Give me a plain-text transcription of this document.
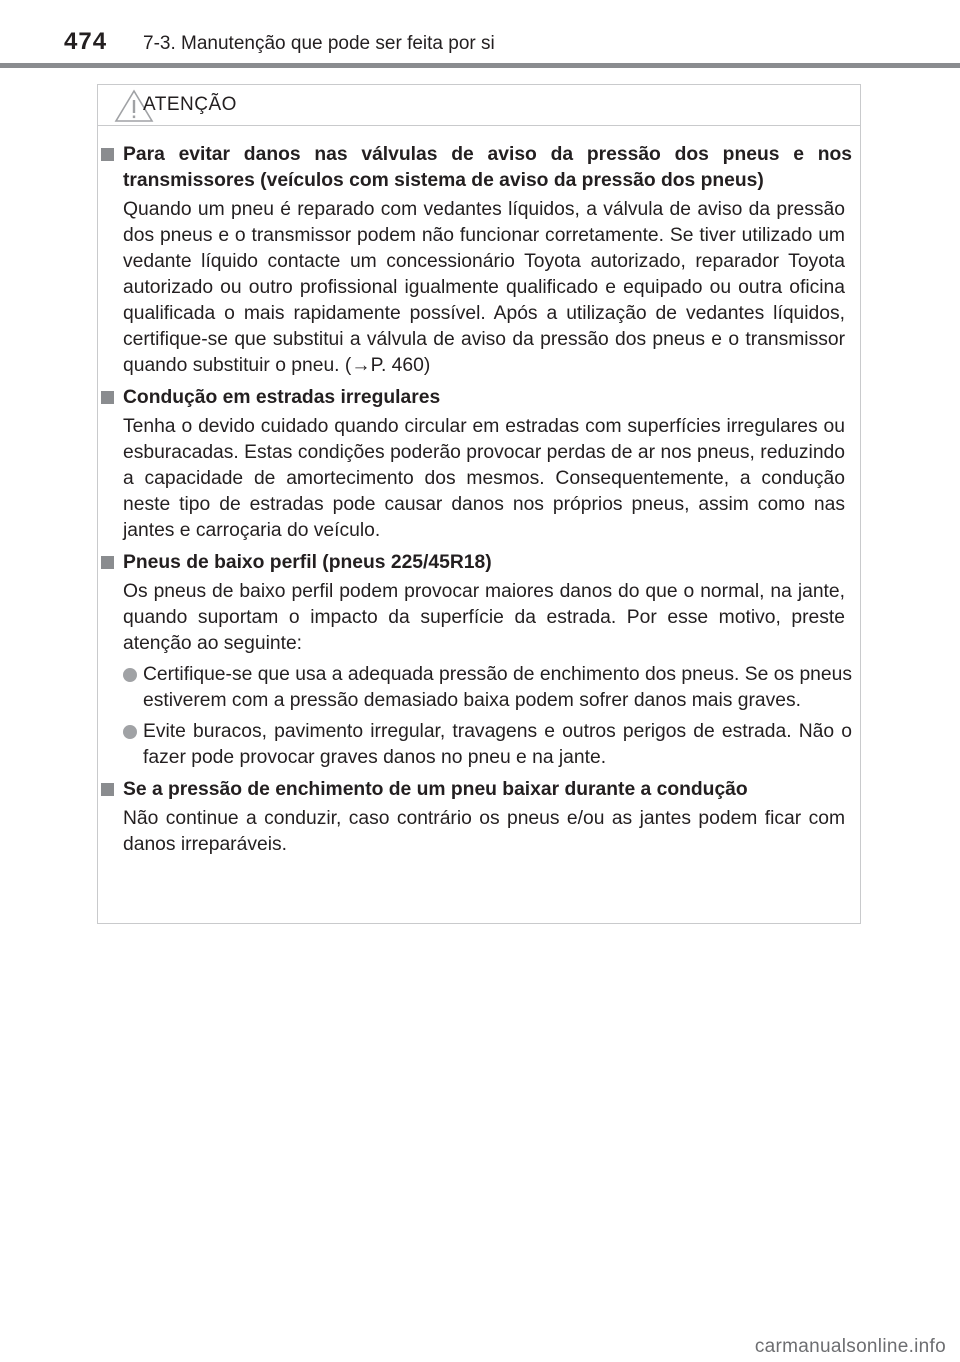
474 7-3. Manutenção que pode ser feita por si
ATENÇÃO
Para evitar danos nas válvulas de aviso da pressão dos pneus e nos transmissores (veículos com sistema de aviso da pressão dos pneus)
Quando um pneu é reparado com vedantes líquidos, a válvula de aviso da pressão dos pneus e o transmissor podem não funcionar corretamente. Se tiver utilizado um vedante líquido contacte um concessionário Toyota autorizado, reparador Toyota autorizado ou outro profissional igualmente qualificado e equipado ou outra oficina qualificada o mais rapidamente possível. Após a utilização de vedantes líquidos, certifique-se que substitui a válvula de aviso da pressão dos pneus e o transmissor quando substituir o pneu. (→P. 460)
Condução em estradas irregulares
Tenha o devido cuidado quando circular em estradas com superfícies irregulares ou esburacadas. Estas condições poderão provocar perdas de ar nos pneus, reduzindo a capacidade de amortecimento dos mesmos. Consequentemente, a condução neste tipo de estradas pode causar danos nos próprios pneus, assim como nas jantes e carroçaria do veículo.
Pneus de baixo perfil (pneus 225/45R18)
Os pneus de baixo perfil podem provocar maiores danos do que o normal, na jante, quando suportam o impacto da superfície da estrada. Por esse motivo, preste atenção ao seguinte:
Certifique-se que usa a adequada pressão de enchimento dos pneus. Se os pneus estiverem com a pressão demasiado baixa podem sofrer danos mais graves.
Evite buracos, pavimento irregular, travagens e outros perigos de estrada. Não o fazer pode provocar graves danos no pneu e na jante.
Se a pressão de enchimento de um pneu baixar durante a condução
Não continue a conduzir, caso contrário os pneus e/ou as jantes podem ficar com danos irreparáveis.
carmanualsonline.info
